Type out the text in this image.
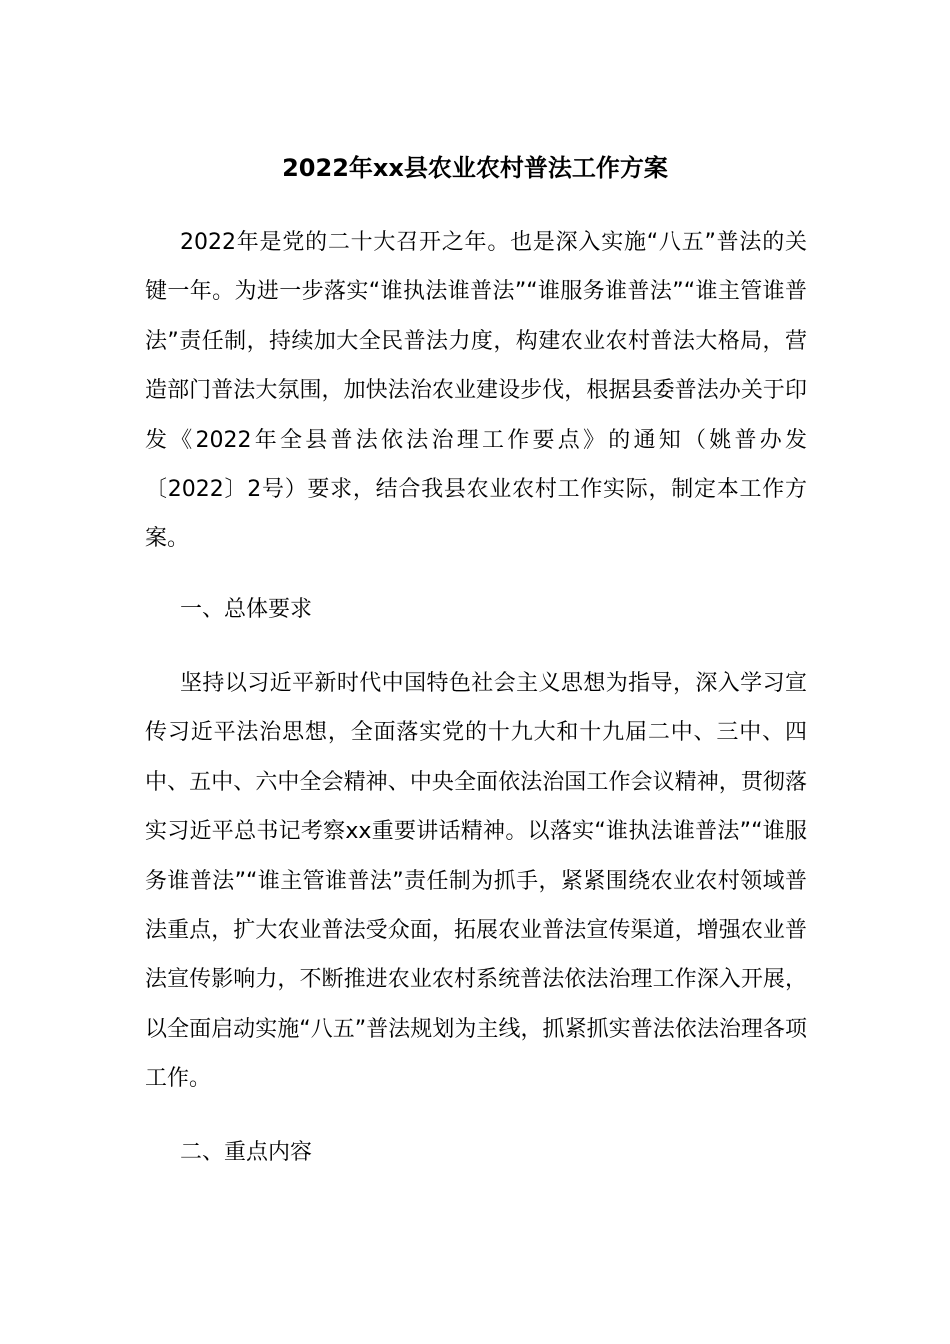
2022年xx县农业农村普法工作方案

2022年是党的二十大召开之年。也是深入实施“八五”普法的关键一年。为进一步落实“谁执法谁普法”“谁服务谁普法”“谁主管谁普法”责任制，持续加大全民普法力度，构建农业农村普法大格局，营造部门普法大氛围，加快法治农业建设步伐，根据县委普法办关于印发《2022年全县普法依法治理工作要点》的通知（姚普办发〔2022〕2号）要求，结合我县农业农村工作实际，制定本工作方案。

一、总体要求

坚持以习近平新时代中国特色社会主义思想为指导，深入学习宣传习近平法治思想，全面落实党的十九大和十九届二中、三中、四中、五中、六中全会精神、中央全面依法治国工作会议精神，贯彻落实习近平总书记考察xx重要讲话精神。以落实“谁执法谁普法”“谁服务谁普法”“谁主管谁普法”责任制为抓手，紧紧围绕农业农村领域普法重点，扩大农业普法受众面，拓展农业普法宣传渠道，增强农业普法宣传影响力，不断推进农业农村系统普法依法治理工作深入开展，以全面启动实施“八五”普法规划为主线，抓紧抓实普法依法治理各项工作。

二、重点内容
